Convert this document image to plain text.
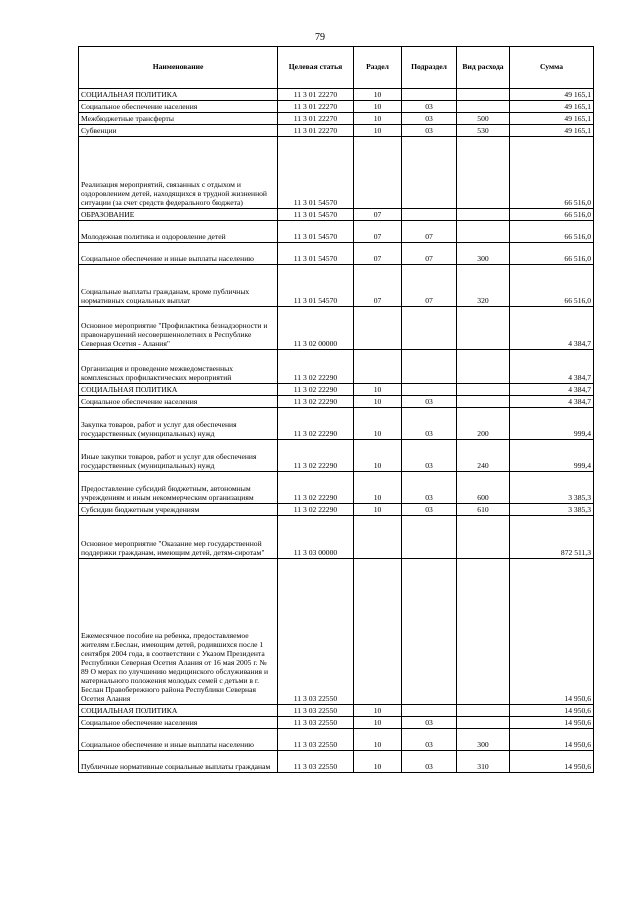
79
Наименование	Целевая статья	Раздел	Подраздел	Вид расхода	Сумма
СОЦИАЛЬНАЯ ПОЛИТИКА	11 3 01 22270	10			49 165,1
Социальное обеспечение населения	11 3 01 22270	10	03		49 165,1
Межбюджетные трансферты	11 3 01 22270	10	03	500	49 165,1
Субвенции	11 3 01 22270	10	03	530	49 165,1
Реализация мероприятий, связанных с отдыхом и оздоровлением детей, находящихся в трудной жизненной ситуации (за счет средств федерального бюджета)	11 3 01 54570				66 516,0
ОБРАЗОВАНИЕ	11 3 01 54570	07			66 516,0
Молодежная политика и оздоровление детей	11 3 01 54570	07	07		66 516,0
Социальное обеспечение и иные выплаты населению	11 3 01 54570	07	07	300	66 516,0
Социальные выплаты гражданам, кроме публичных нормативных социальных выплат	11 3 01 54570	07	07	320	66 516,0
Основное мероприятие "Профилактика безнадзорности и правонарушений несовершеннолетних в Республике Северная Осетия - Алания"	11 3 02 00000				4 384,7
Организация и проведение межведомственных комплексных профилактических мероприятий	11 3 02 22290				4 384,7
СОЦИАЛЬНАЯ ПОЛИТИКА	11 3 02 22290	10			4 384,7
Социальное обеспечение населения	11 3 02 22290	10	03		4 384,7
Закупка товаров, работ и услуг для обеспечения государственных (муниципальных) нужд	11 3 02 22290	10	03	200	999,4
Иные закупки товаров, работ и услуг для обеспечения государственных (муниципальных) нужд	11 3 02 22290	10	03	240	999,4
Предоставление субсидий бюджетным, автономным учреждениям и иным некоммерческим организациям	11 3 02 22290	10	03	600	3 385,3
Субсидии бюджетным учреждениям	11 3 02 22290	10	03	610	3 385,3
Основное мероприятие "Оказание мер государственной поддержки гражданам, имеющим детей, детям-сиротам"	11 3 03 00000				872 511,3
Ежемесячное пособие на ребенка, предоставляемое жителям г.Беслан, имеющим детей, родившихся после 1 сентября 2004 года, в соответствии с Указом Президента Республики Северная Осетия Алания от 16 мая 2005 г. № 89 О мерах по улучшению медицинского обслуживания и материального положения молодых семей с детьми в г. Беслан Правобережного района Республики Северная Осетия Алания	11 3 03 22550				14 950,6
СОЦИАЛЬНАЯ ПОЛИТИКА	11 3 03 22550	10			14 950,6
Социальное обеспечение населения	11 3 03 22550	10	03		14 950,6
Социальное обеспечение и иные выплаты населению	11 3 03 22550	10	03	300	14 950,6
Публичные нормативные социальные выплаты гражданам	11 3 03 22550	10	03	310	14 950,6
